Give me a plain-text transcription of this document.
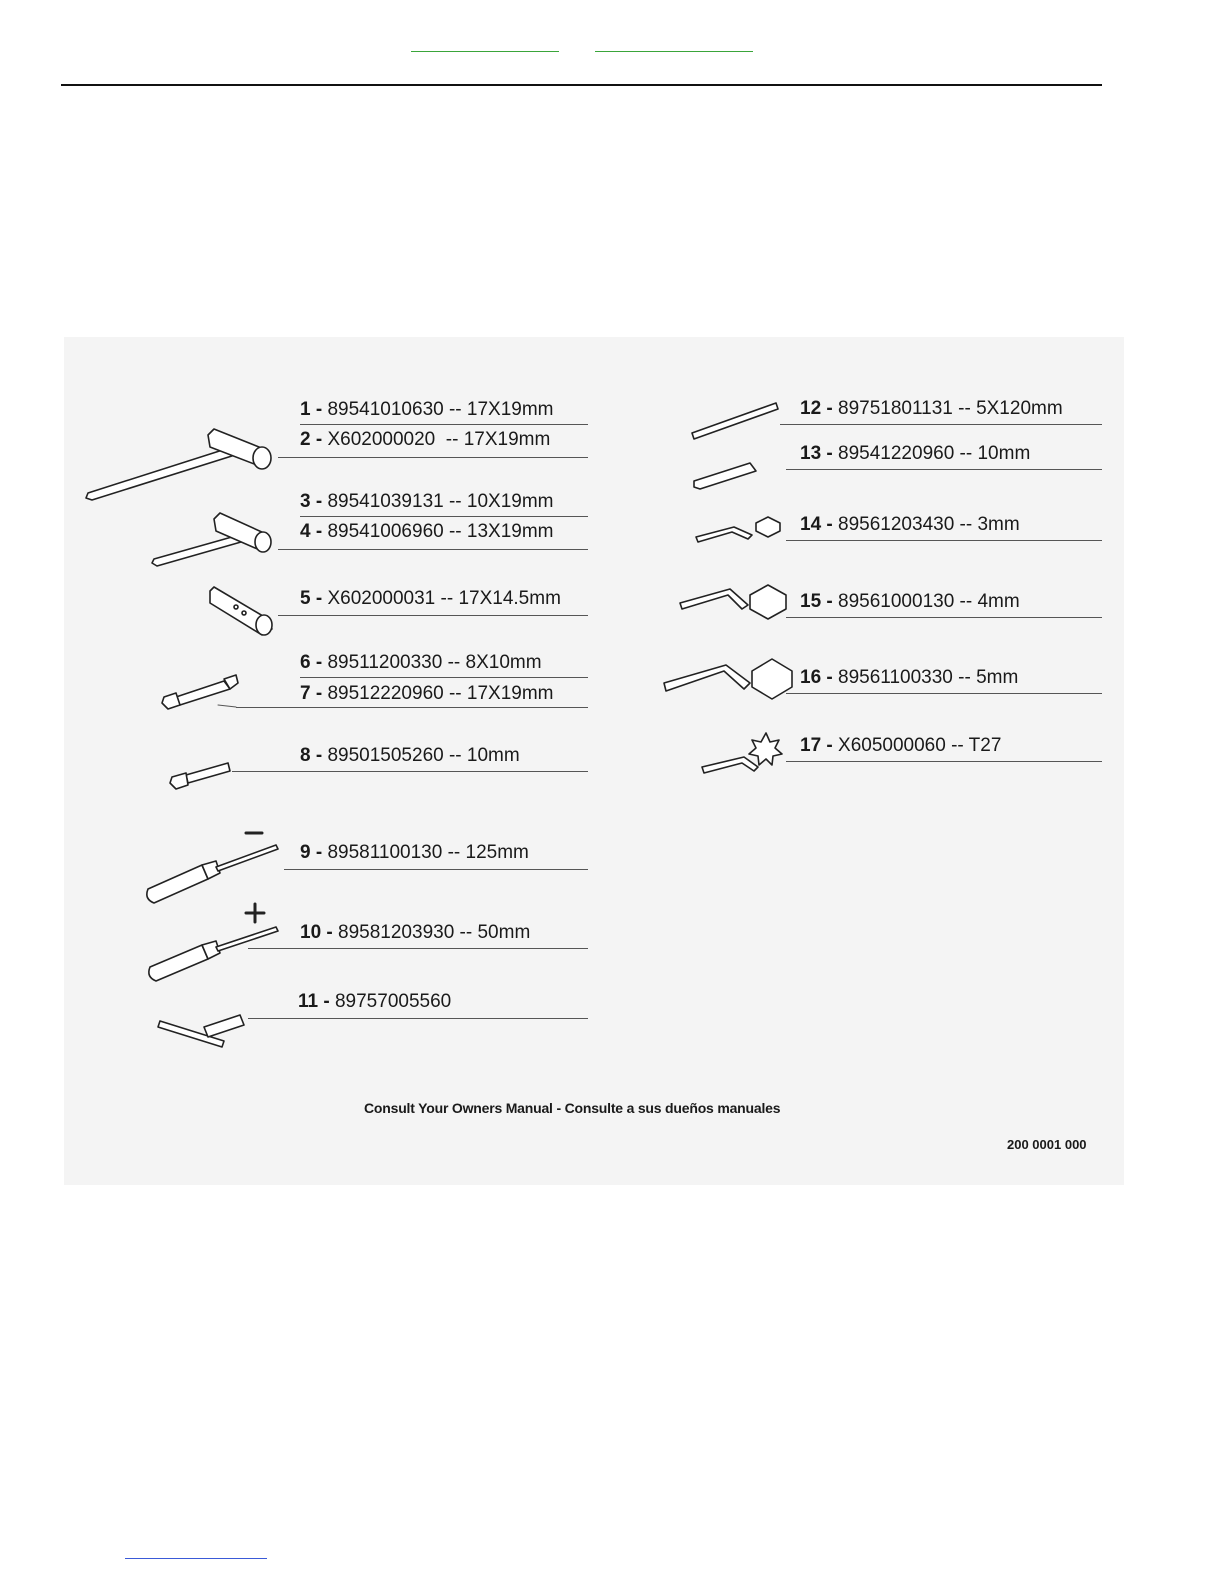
1 - 89541010630 -- 17X19mm
2 - X602000020  -- 17X19mm
3 - 89541039131 -- 10X19mm
4 - 89541006960 -- 13X19mm
5 - X602000031 -- 17X14.5mm
6 - 89511200330 -- 8X10mm
7 - 89512220960 -- 17X19mm
8 - 89501505260 -- 10mm
9 - 89581100130 -- 125mm
10 - 89581203930 -- 50mm
11 - 89757005560
12 - 89751801131 -- 5X120mm
13 - 89541220960 -- 10mm
14 - 89561203430 -- 3mm
15 - 89561000130 -- 4mm
16 - 89561100330 -- 5mm
17 - X605000060 -- T27
Consult Your Owners Manual - Consulte a sus dueños manuales
200 0001 000
